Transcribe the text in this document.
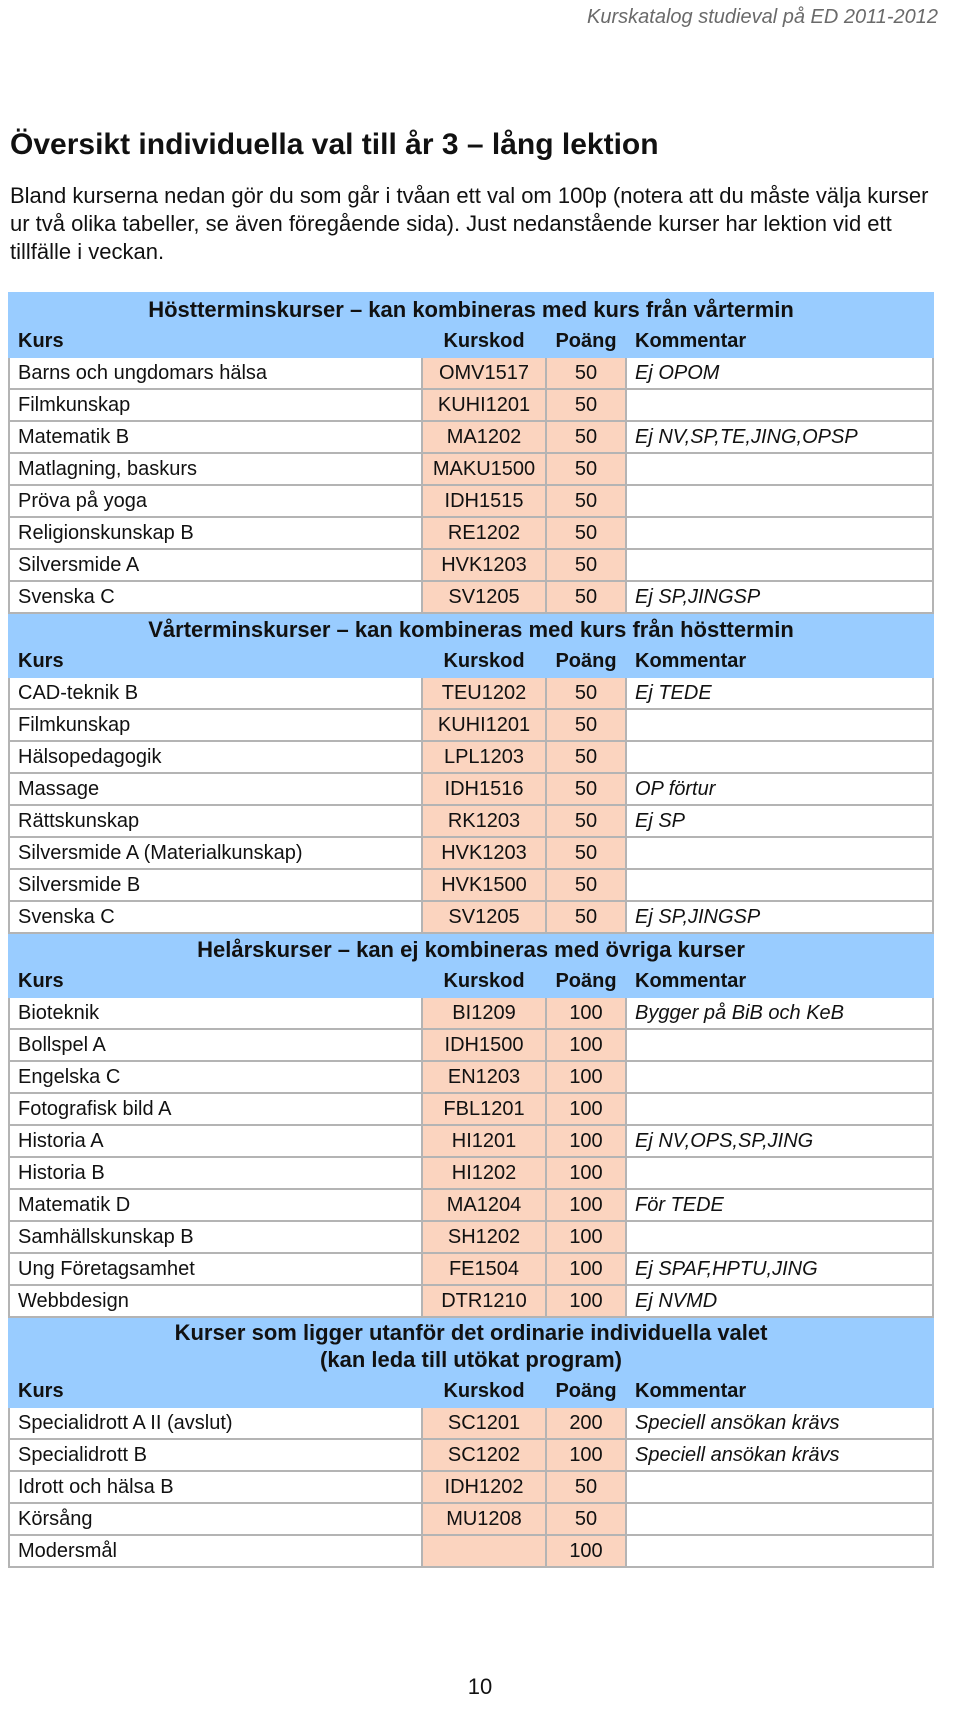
Kurskatalog studieval på ED 2011-2012
Översikt individuella val till år 3 – lång lektion

Bland kurserna nedan gör du som går i tvåan ett val om 100p (notera att du måste välja kurser ur två olika tabeller, se även föregående sida). Just nedanstående kurser har lektion vid ett tillfälle i veckan.

Höstterminskurser – kan kombineras med kurs från vårtermin			

Kurs	Kurskod	Poäng	Kommentar
Barns och ungdomars hälsa	OMV1517	50	Ej OPOM
Filmkunskap	KUHI1201	50	
Matematik B	MA1202	50	Ej NV,SP,TE,JING,OPSP
Matlagning, baskurs	MAKU1500	50	
Pröva på yoga	IDH1515	50	
Religionskunskap B	RE1202	50	
Silversmide A	HVK1203	50	
Svenska C	SV1205	50	Ej SP,JINGSP

Vårterminskurser – kan kombineras med kurs från hösttermin			

Kurs	Kurskod	Poäng	Kommentar
CAD-teknik B	TEU1202	50	Ej TEDE
Filmkunskap	KUHI1201	50	
Hälsopedagogik	LPL1203	50	
Massage	IDH1516	50	OP förtur
Rättskunskap	RK1203	50	Ej SP
Silversmide A (Materialkunskap)	HVK1203	50	
Silversmide B	HVK1500	50	
Svenska C	SV1205	50	Ej SP,JINGSP

Helårskurser – kan ej kombineras med övriga kurser			

Kurs	Kurskod	Poäng	Kommentar
Bioteknik	BI1209	100	Bygger på BiB och KeB
Bollspel A	IDH1500	100	
Engelska C	EN1203	100	
Fotografisk bild A	FBL1201	100	
Historia A	HI1201	100	Ej NV,OPS,SP,JING
Historia B	HI1202	100	
Matematik D	MA1204	100	För TEDE
Samhällskunskap B	SH1202	100	
Ung Företagsamhet	FE1504	100	Ej SPAF,HPTU,JING
Webbdesign	DTR1210	100	Ej NVMD

Kurser som ligger utanför det ordinarie individuella valet
(kan leda till utökat program)			

Kurs	Kurskod	Poäng	Kommentar
Specialidrott A II (avslut)	SC1201	200	Speciell ansökan krävs
Specialidrott B	SC1202	100	Speciell ansökan krävs
Idrott och hälsa B	IDH1202	50	
Körsång	MU1208	50	
Modersmål		100	
10
